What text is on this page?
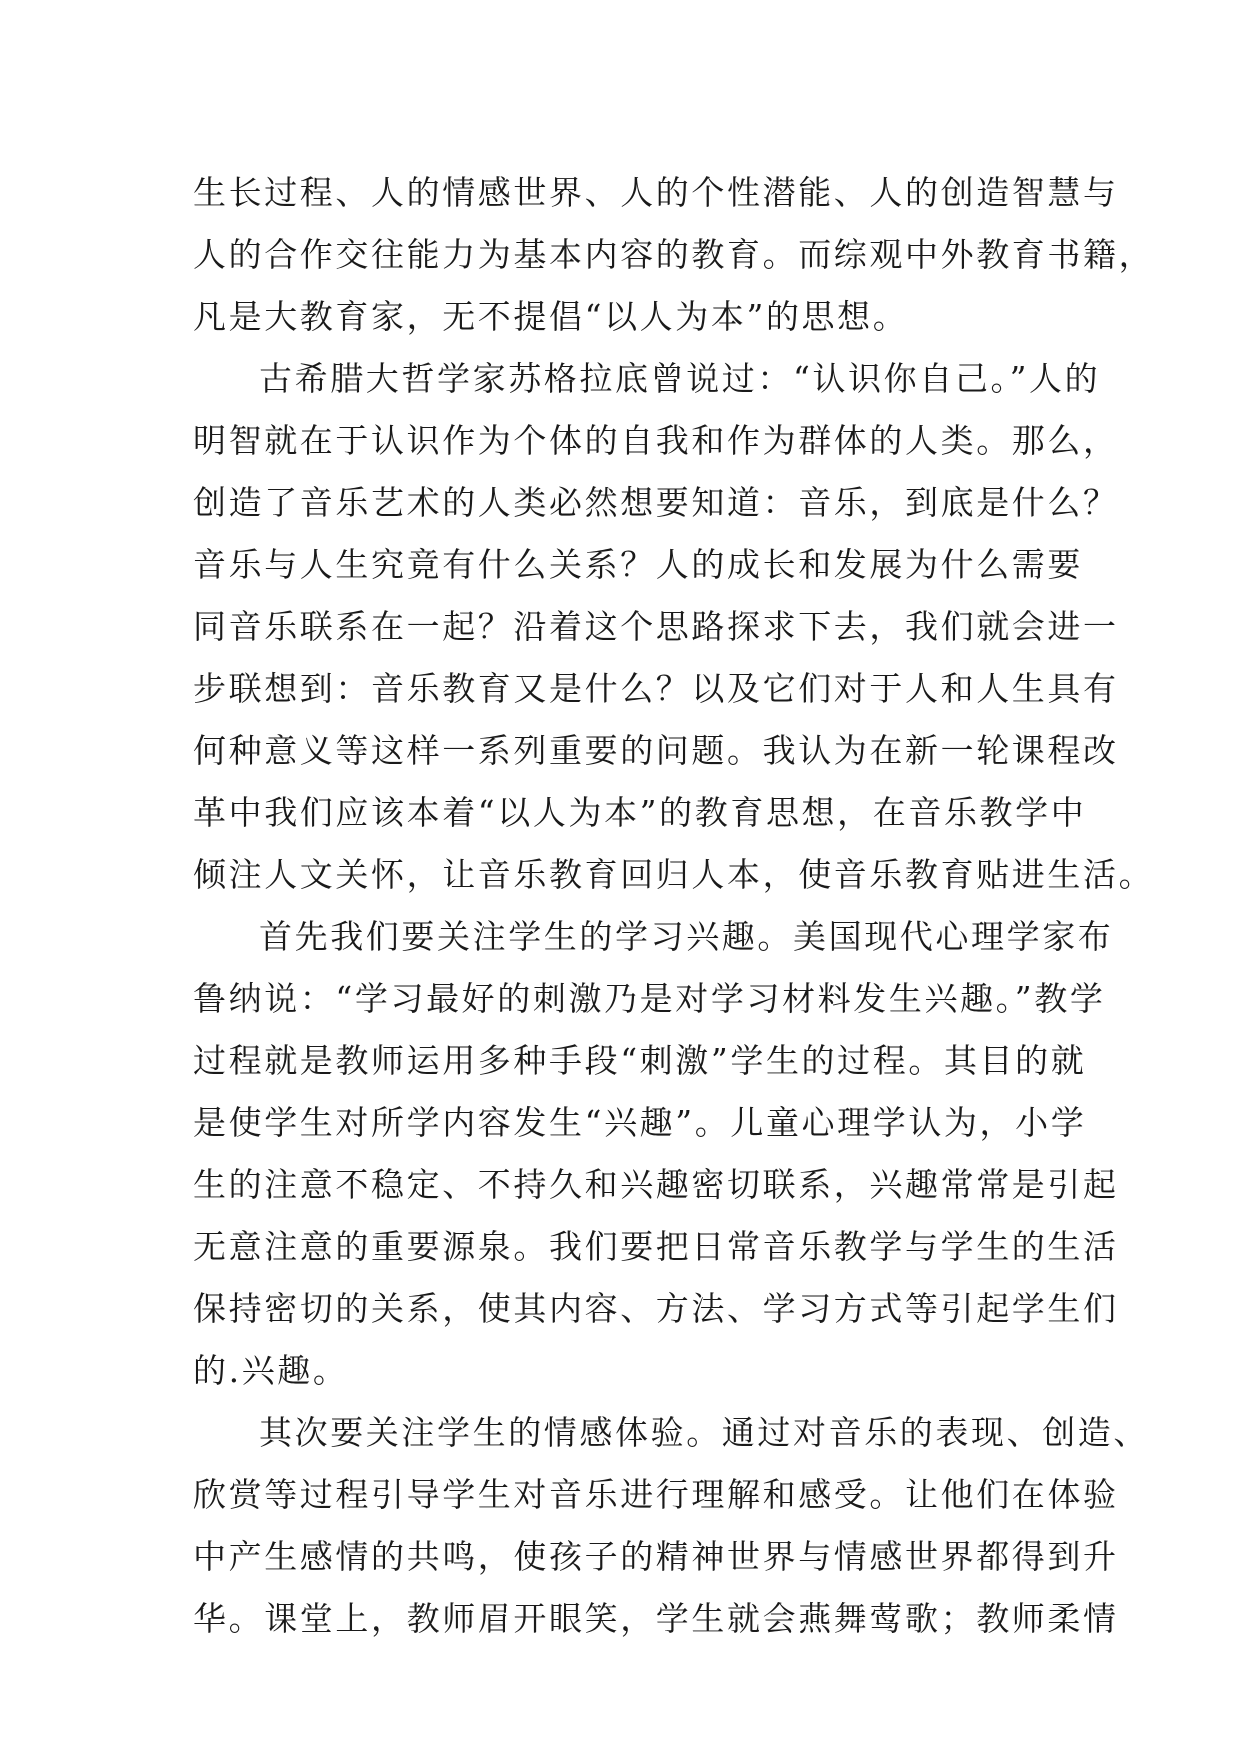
生长过程、人的情感世界、人的个性潜能、人的创造智慧与
人的合作交往能力为基本内容的教育。而综观中外教育书籍，
凡是大教育家，无不提倡“以人为本”的思想。
古希腊大哲学家苏格拉底曾说过：“认识你自己。”人的
明智就在于认识作为个体的自我和作为群体的人类。那么，
创造了音乐艺术的人类必然想要知道：音乐，到底是什么？
音乐与人生究竟有什么关系？人的成长和发展为什么需要
同音乐联系在一起？沿着这个思路探求下去，我们就会进一
步联想到：音乐教育又是什么？以及它们对于人和人生具有
何种意义等这样一系列重要的问题。我认为在新一轮课程改
革中我们应该本着“以人为本”的教育思想，在音乐教学中
倾注人文关怀，让音乐教育回归人本，使音乐教育贴进生活。
首先我们要关注学生的学习兴趣。美国现代心理学家布
鲁纳说：“学习最好的刺激乃是对学习材料发生兴趣。”教学
过程就是教师运用多种手段“刺激”学生的过程。其目的就
是使学生对所学内容发生“兴趣”。儿童心理学认为，小学
生的注意不稳定、不持久和兴趣密切联系，兴趣常常是引起
无意注意的重要源泉。我们要把日常音乐教学与学生的生活
保持密切的关系，使其内容、方法、学习方式等引起学生们
的.兴趣。
其次要关注学生的情感体验。通过对音乐的表现、创造、
欣赏等过程引导学生对音乐进行理解和感受。让他们在体验
中产生感情的共鸣，使孩子的精神世界与情感世界都得到升
华。课堂上，教师眉开眼笑，学生就会燕舞莺歌；教师柔情
